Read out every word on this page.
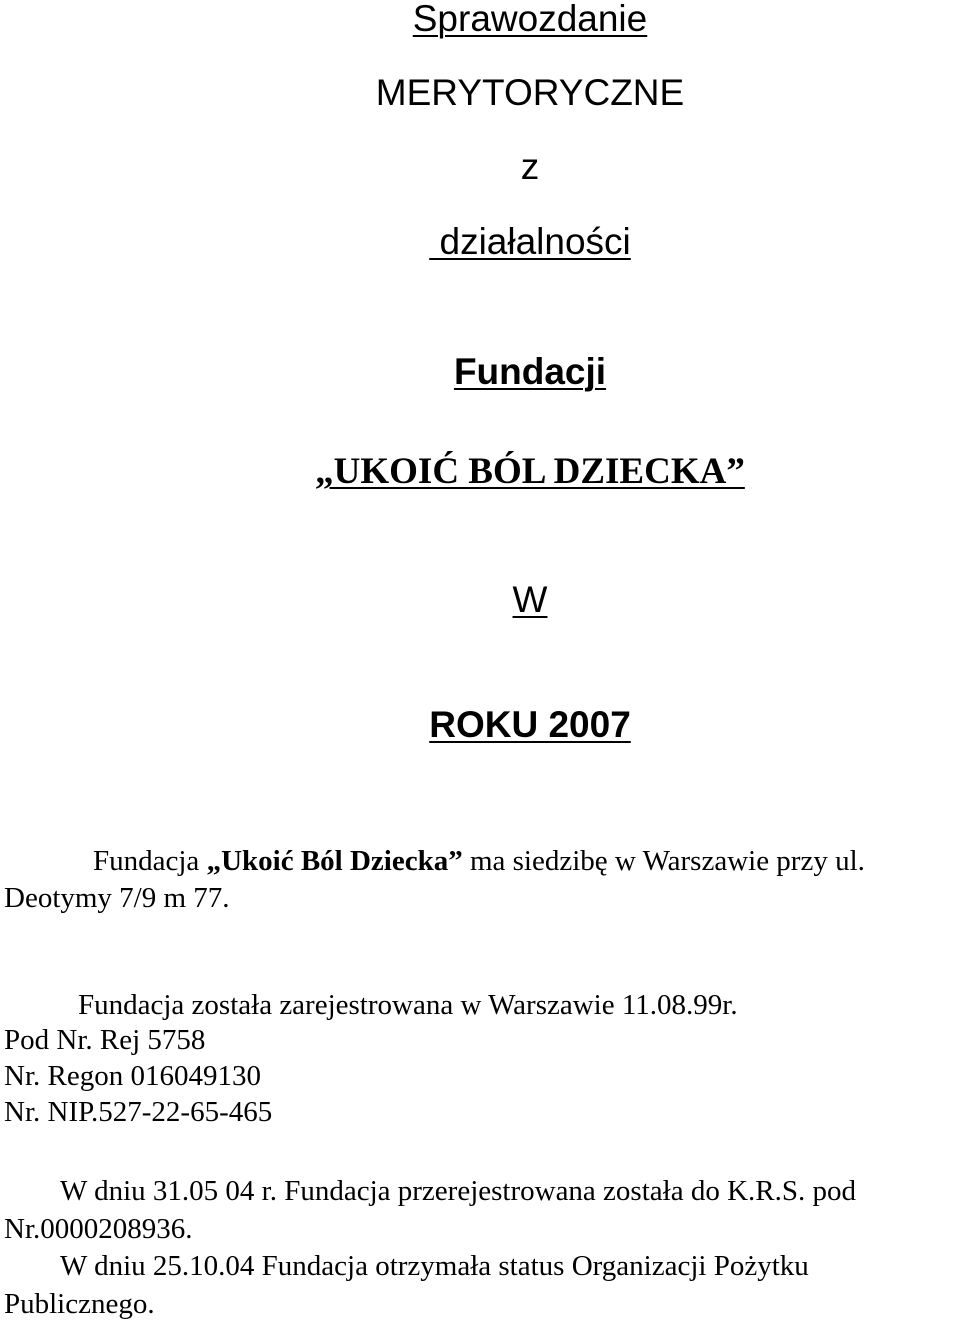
Sprawozdanie
MERYTORYCZNE
z
działalności
Fundacji
„UKOIĆ BÓL DZIECKA”
W
ROKU 2007
Fundacja „Ukoić Ból Dziecka” ma siedzibę w Warszawie przy ul.
Deotymy 7/9 m 77.
Fundacja została zarejestrowana w Warszawie 11.08.99r.
Pod Nr. Rej 5758
Nr. Regon 016049130
Nr. NIP.527-22-65-465
W dniu 31.05 04 r. Fundacja przerejestrowana została do K.R.S. pod
Nr.0000208936.
W dniu 25.10.04 Fundacja otrzymała status Organizacji Pożytku
Publicznego.
